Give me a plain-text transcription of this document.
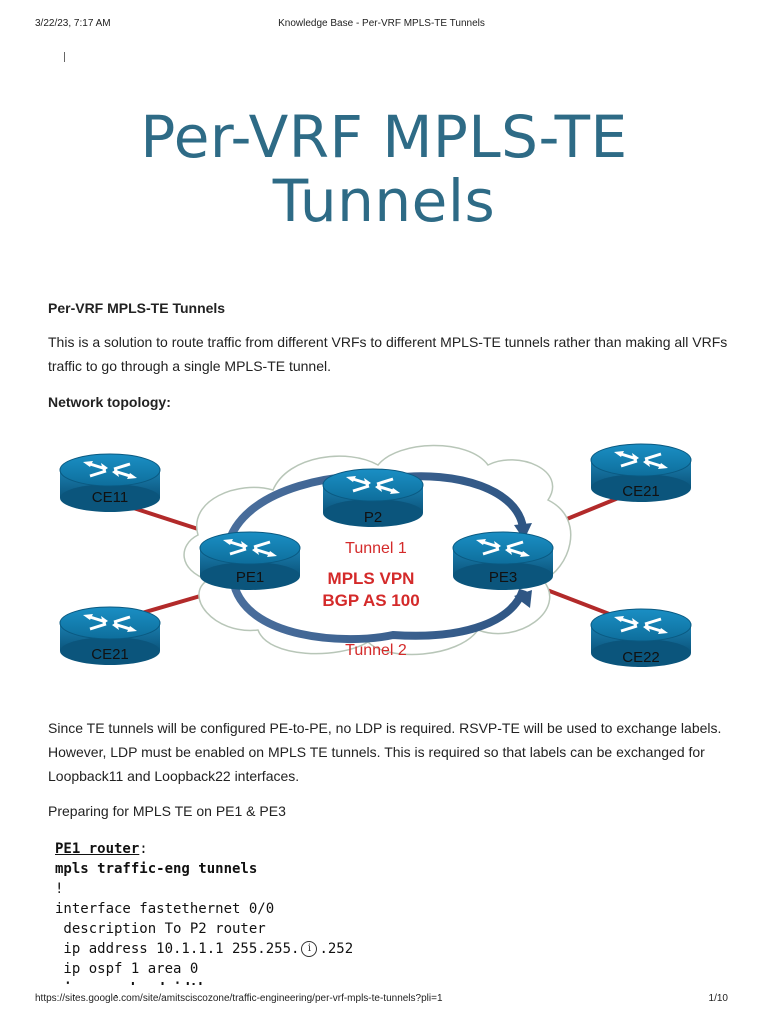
3/22/23, 7:17 AM	Knowledge Base - Per-VRF MPLS-TE Tunnels
Per-VRF MPLS-TE
Tunnels
Per-VRF MPLS-TE Tunnels
This is a solution to route traffic from different VRFs to different MPLS-TE tunnels rather than making all VRFs traffic to go through a single MPLS-TE tunnel.
Network topology:
CE11
CE21
PE1
P2
PE3
CE21
CE22
Tunnel 1
Tunnel 2
MPLS VPN
BGP AS 100
Since TE tunnels will be configured PE-to-PE, no LDP is required. RSVP-TE will be used to exchange labels. However, LDP must be enabled on MPLS TE tunnels. This is required so that labels can be exchanged for Loopback11 and Loopback22 interfaces.
Preparing for MPLS TE on PE1 & PE3
PE1 router:
mpls traffic-eng tunnels
!
interface fastethernet 0/0
description To P2 router
ip address 10.1.1.1 255.255. i .252
ip ospf 1 area 0

https://sites.google.com/site/amitsciscozone/traffic-engineering/per-vrf-mpls-te-tunnels?pli=1	1/10
